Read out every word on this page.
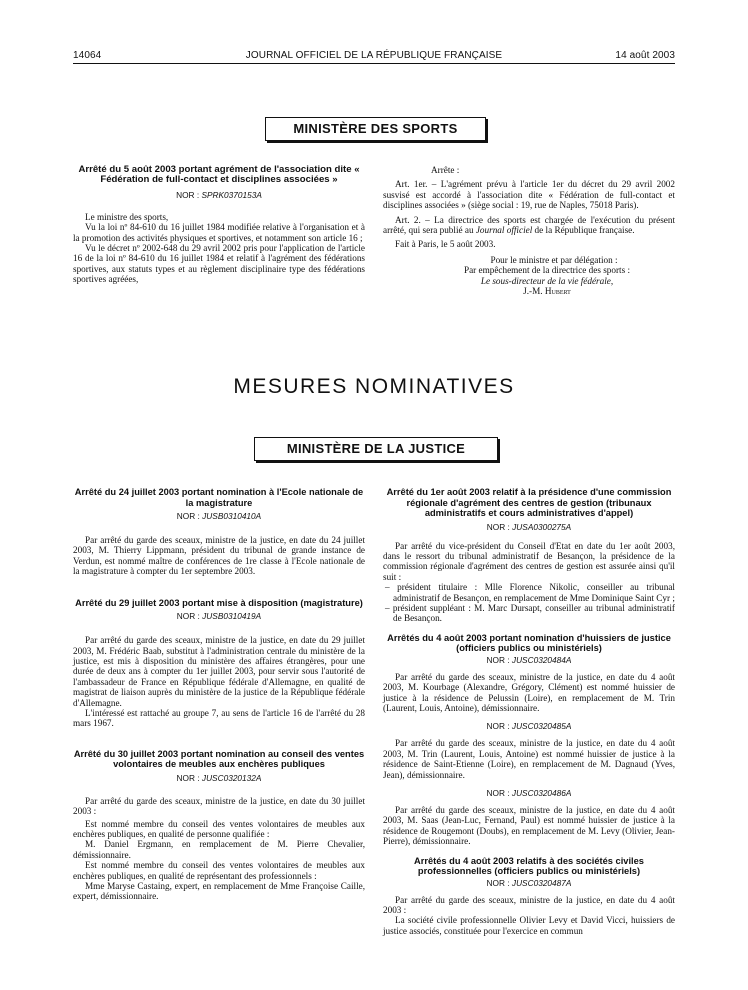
14064	JOURNAL OFFICIEL DE LA RÉPUBLIQUE FRANÇAISE	14 août 2003
MINISTÈRE DES SPORTS
Arrêté du 5 août 2003 portant agrément de l'association dite « Fédération de full-contact et disciplines associées »
NOR : SPRK0370153A

Le ministre des sports,

Vu la loi nº 84-610 du 16 juillet 1984 modifiée relative à l'organisation et à la promotion des activités physiques et sportives, et notamment son article 16 ;

Vu le décret nº 2002-648 du 29 avril 2002 pris pour l'application de l'article 16 de la loi nº 84-610 du 16 juillet 1984 et relatif à l'agrément des fédérations sportives, aux statuts types et au règlement disciplinaire type des fédérations sportives agréées,

Arrête :

Art. 1er. – L'agrément prévu à l'article 1er du décret du 29 avril 2002 susvisé est accordé à l'association dite « Fédération de full-contact et disciplines associées » (siège social : 19, rue de Naples, 75018 Paris).

Art. 2. – La directrice des sports est chargée de l'exécution du présent arrêté, qui sera publié au Journal officiel de la République française.

Fait à Paris, le 5 août 2003.

Pour le ministre et par délégation :

Par empêchement de la directrice des sports :

Le sous-directeur de la vie fédérale,

J.-M. Hubert

MESURES NOMINATIVES
MINISTÈRE DE LA JUSTICE
Arrêté du 24 juillet 2003 portant nomination à l'Ecole nationale de la magistrature
NOR : JUSB0310410A

Par arrêté du garde des sceaux, ministre de la justice, en date du 24 juillet 2003, M. Thierry Lippmann, président du tribunal de grande instance de Verdun, est nommé maître de conférences de 1re classe à l'Ecole nationale de la magistrature à compter du 1er septembre 2003.

Arrêté du 29 juillet 2003 portant mise à disposition (magistrature)
NOR : JUSB0310419A

Par arrêté du garde des sceaux, ministre de la justice, en date du 29 juillet 2003, M. Frédéric Baab, substitut à l'administration centrale du ministère de la justice, est mis à disposition du ministère des affaires étrangères, pour une durée de deux ans à compter du 1er juillet 2003, pour servir sous l'autorité de l'ambassadeur de France en République fédérale d'Allemagne, en qualité de magistrat de liaison auprès du ministère de la justice de la République fédérale d'Allemagne.

L'intéressé est rattaché au groupe 7, au sens de l'article 16 de l'arrêté du 28 mars 1967.

Arrêté du 30 juillet 2003 portant nomination au conseil des ventes volontaires de meubles aux enchères publiques
NOR : JUSC0320132A

Par arrêté du garde des sceaux, ministre de la justice, en date du 30 juillet 2003 :

Est nommé membre du conseil des ventes volontaires de meubles aux enchères publiques, en qualité de personne qualifiée :

M. Daniel Ergmann, en remplacement de M. Pierre Chevalier, démissionnaire.

Est nommé membre du conseil des ventes volontaires de meubles aux enchères publiques, en qualité de représentant des professionnels :

Mme Maryse Castaing, expert, en remplacement de Mme Françoise Caille, expert, démissionnaire.

Arrêté du 1er août 2003 relatif à la présidence d'une commission régionale d'agrément des centres de gestion (tribunaux administratifs et cours administratives d'appel)
NOR : JUSA0300275A

Par arrêté du vice-président du Conseil d'Etat en date du 1er août 2003, dans le ressort du tribunal administratif de Besançon, la présidence de la commission régionale d'agrément des centres de gestion est assurée ainsi qu'il suit :

– président titulaire : Mlle Florence Nikolic, conseiller au tribunal administratif de Besançon, en remplacement de Mme Dominique Saint Cyr ;
– président suppléant : M. Marc Dursapt, conseiller au tribunal administratif de Besançon.
Arrêtés du 4 août 2003 portant nomination d'huissiers de justice (officiers publics ou ministériels)
NOR : JUSC0320484A

Par arrêté du garde des sceaux, ministre de la justice, en date du 4 août 2003, M. Kourbage (Alexandre, Grégory, Clément) est nommé huissier de justice à la résidence de Pelussin (Loire), en remplacement de M. Trin (Laurent, Louis, Antoine), démissionnaire.

NOR : JUSC0320485A

Par arrêté du garde des sceaux, ministre de la justice, en date du 4 août 2003, M. Trin (Laurent, Louis, Antoine) est nommé huissier de justice à la résidence de Saint-Etienne (Loire), en remplacement de M. Dagnaud (Yves, Jean), démissionnaire.

NOR : JUSC0320486A

Par arrêté du garde des sceaux, ministre de la justice, en date du 4 août 2003, M. Saas (Jean-Luc, Fernand, Paul) est nommé huissier de justice à la résidence de Rougemont (Doubs), en remplacement de M. Levy (Olivier, Jean-Pierre), démissionnaire.

Arrêtés du 4 août 2003 relatifs à des sociétés civiles professionnelles (officiers publics ou ministériels)
NOR : JUSC0320487A

Par arrêté du garde des sceaux, ministre de la justice, en date du 4 août 2003 :

La société civile professionnelle Olivier Levy et David Vicci, huissiers de justice associés, constituée pour l'exercice en commun
